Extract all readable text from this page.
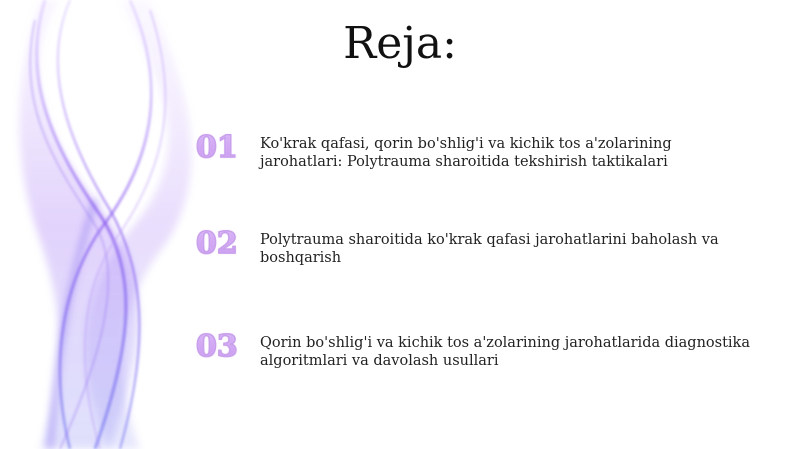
Reja:
01	Ko'krak qafasi, qorin bo'shlig'i va kichik tos a'zolarining jarohatlari: Polytrauma sharoitida tekshirish taktikalari
02	Polytrauma sharoitida ko'krak qafasi jarohatlarini baholash va boshqarish
03	Qorin bo'shlig'i va kichik tos a'zolarining jarohatlarida diagnostika algoritmlari va davolash usullari
